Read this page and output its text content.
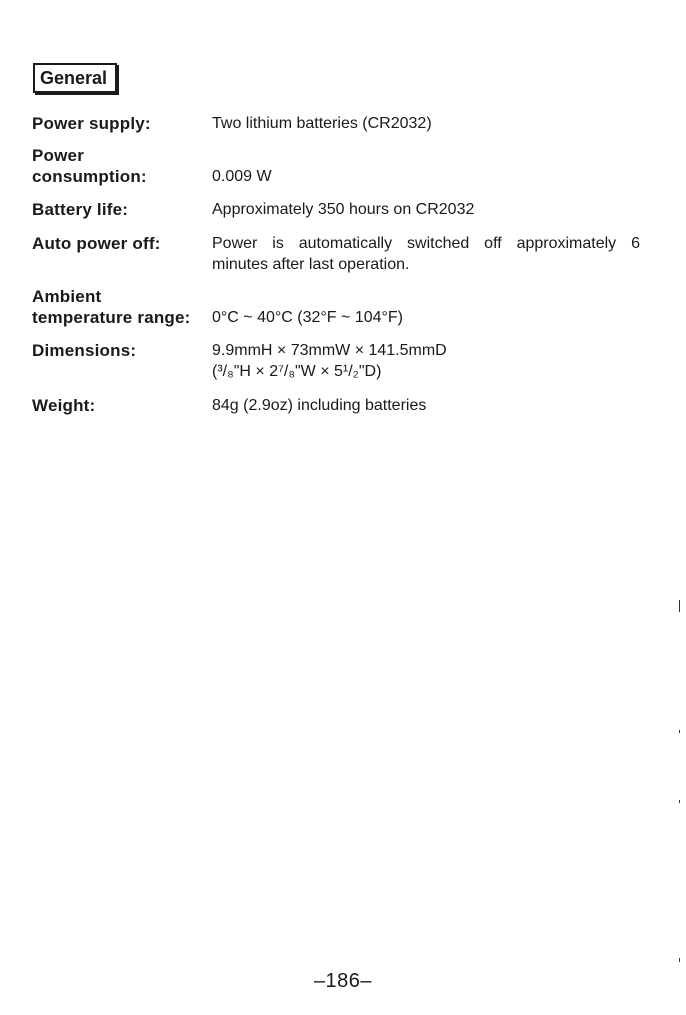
General
Power supply:	Two lithium batteries (CR2032)
Power
consumption:	0.009 W
Battery life:	Approximately 350 hours on CR2032
Auto power off:	Power is automatically switched off approximately 6
minutes after last operation.
Ambient
temperature range: 0°C ~ 40°C (32°F ~ 104°F)
Dimensions:	9.9mmH × 73mmW × 141.5mmD
(³/₈"H × 2⁷/₈"W × 5¹/₂"D)
Weight:	84g (2.9oz) including batteries
–186–
